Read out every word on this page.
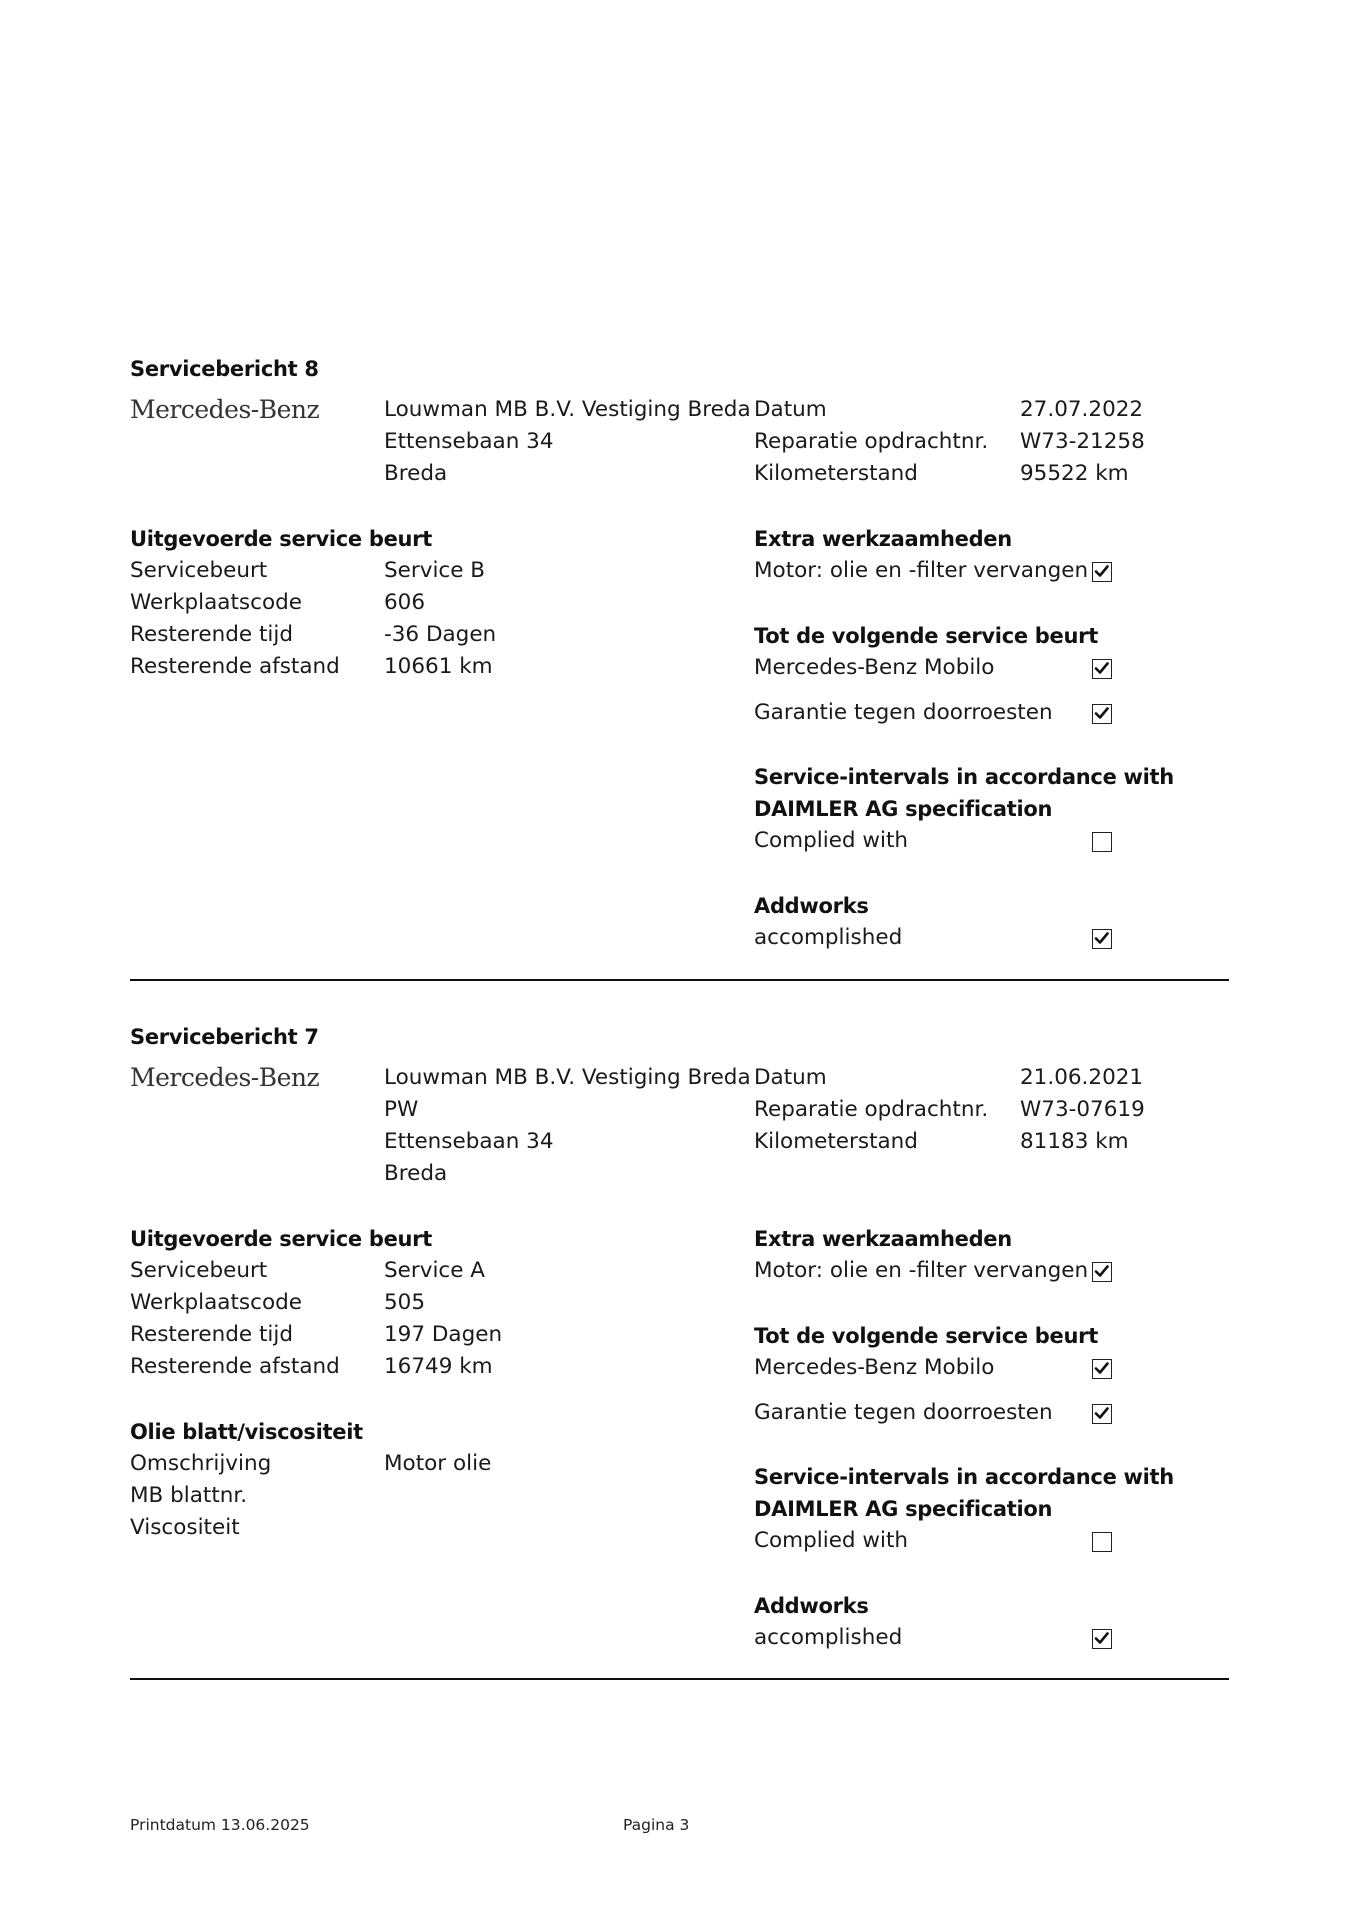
Servicebericht 8
Mercedes-Benz	Louwman MB B.V. Vestiging Breda
Ettensebaan 34
Breda
Datum	27.07.2022
Reparatie opdrachtnr. W73-21258
Kilometerstand	95522 km
Uitgevoerde service beurt
Servicebeurt	Service B
Werkplaatscode	606
Resterende tijd	-36 Dagen
Resterende afstand 10661 km
Extra werkzaamheden
Motor: olie en -filter vervangen
Tot de volgende service beurt
Mercedes-Benz Mobilo
Garantie tegen doorroesten
Service-intervals in accordance with
DAIMLER AG specification
Complied with
Addworks
accomplished
Servicebericht 7
Mercedes-Benz	Louwman MB B.V. Vestiging Breda
PW
Ettensebaan 34
Breda
Datum	21.06.2021
Reparatie opdrachtnr. W73-07619
Kilometerstand	81183 km
Uitgevoerde service beurt
Servicebeurt	Service A
Werkplaatscode	505
Resterende tijd	197 Dagen
Resterende afstand 16749 km
Olie blatt/viscositeit
Omschrijving	Motor olie
MB blattnr.
Viscositeit
Extra werkzaamheden
Motor: olie en -filter vervangen
Tot de volgende service beurt
Mercedes-Benz Mobilo
Garantie tegen doorroesten
Service-intervals in accordance with
DAIMLER AG specification
Complied with
Addworks
accomplished
Printdatum 13.06.2025	Pagina 3
